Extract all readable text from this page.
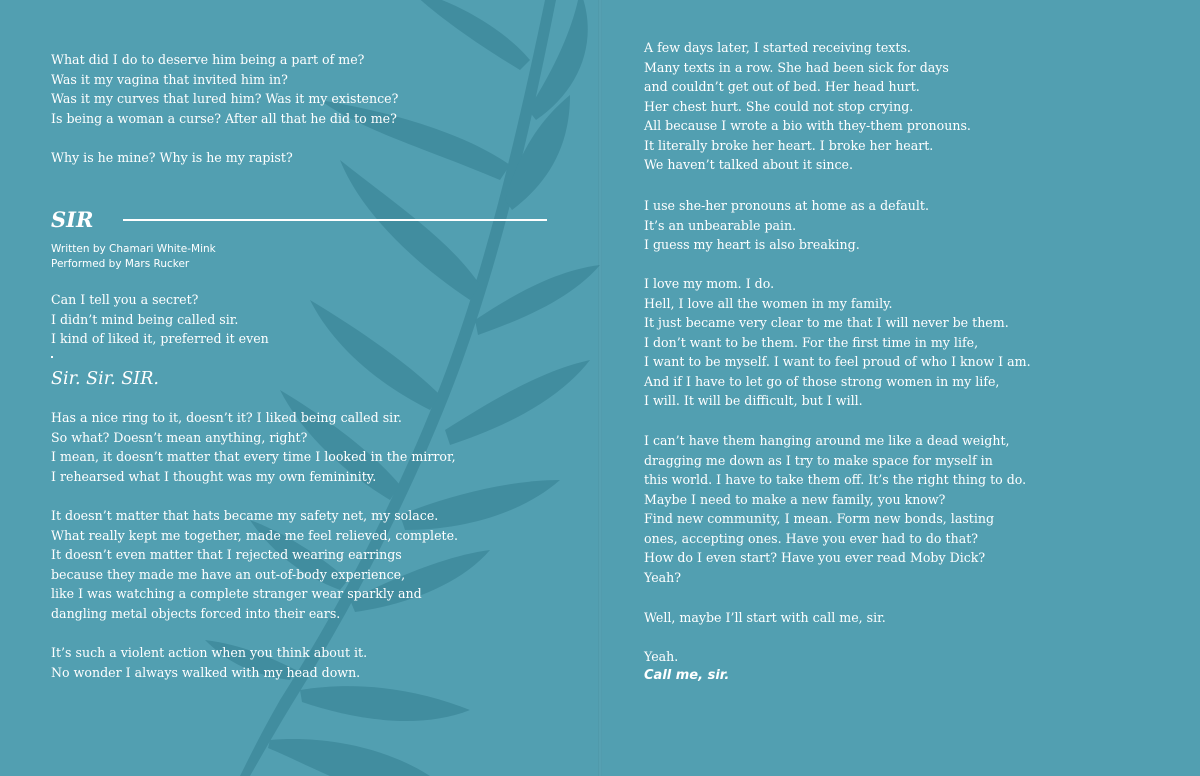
What did I do to deserve him being a part of me?
Was it my vagina that invited him in?
Was it my curves that lured him? Was it my existence?
Is being a woman a curse? After all that he did to me?

Why is he mine? Why is he my rapist?

SIR
Written by Chamari White-Mink
Performed by Mars Rucker

Can I tell you a secret?
I didn’t mind being called sir.
I kind of liked it, preferred it even

Sir. Sir. SIR.

Has a nice ring to it, doesn’t it? I liked being called sir.
So what? Doesn’t mean anything, right?
I mean, it doesn’t matter that every time I looked in the mirror,
I rehearsed what I thought was my own femininity.

It doesn’t matter that hats became my safety net, my solace.
What really kept me together, made me feel relieved, complete.
It doesn’t even matter that I rejected wearing earrings
because they made me have an out-of-body experience,
like I was watching a complete stranger wear sparkly and
dangling metal objects forced into their ears.

It’s such a violent action when you think about it.
No wonder I always walked with my head down.

A few days later, I started receiving texts.
Many texts in a row. She had been sick for days
and couldn’t get out of bed. Her head hurt.
Her chest hurt. She could not stop crying.
All because I wrote a bio with they-them pronouns.
It literally broke her heart. I broke her heart.
We haven’t talked about it since.

I use she-her pronouns at home as a default.
It’s an unbearable pain.
I guess my heart is also breaking.

I love my mom. I do.
Hell, I love all the women in my family.
It just became very clear to me that I will never be them.
I don’t want to be them. For the first time in my life,
I want to be myself. I want to feel proud of who I know I am.
And if I have to let go of those strong women in my life,
I will. It will be difficult, but I will.

I can’t have them hanging around me like a dead weight,
dragging me down as I try to make space for myself in
this world. I have to take them off. It’s the right thing to do.
Maybe I need to make a new family, you know?
Find new community, I mean. Form new bonds, lasting
ones, accepting ones. Have you ever had to do that?
How do I even start? Have you ever read Moby Dick?
Yeah?

Well, maybe I’ll start with call me, sir.

Yeah.

Call me, sir.
